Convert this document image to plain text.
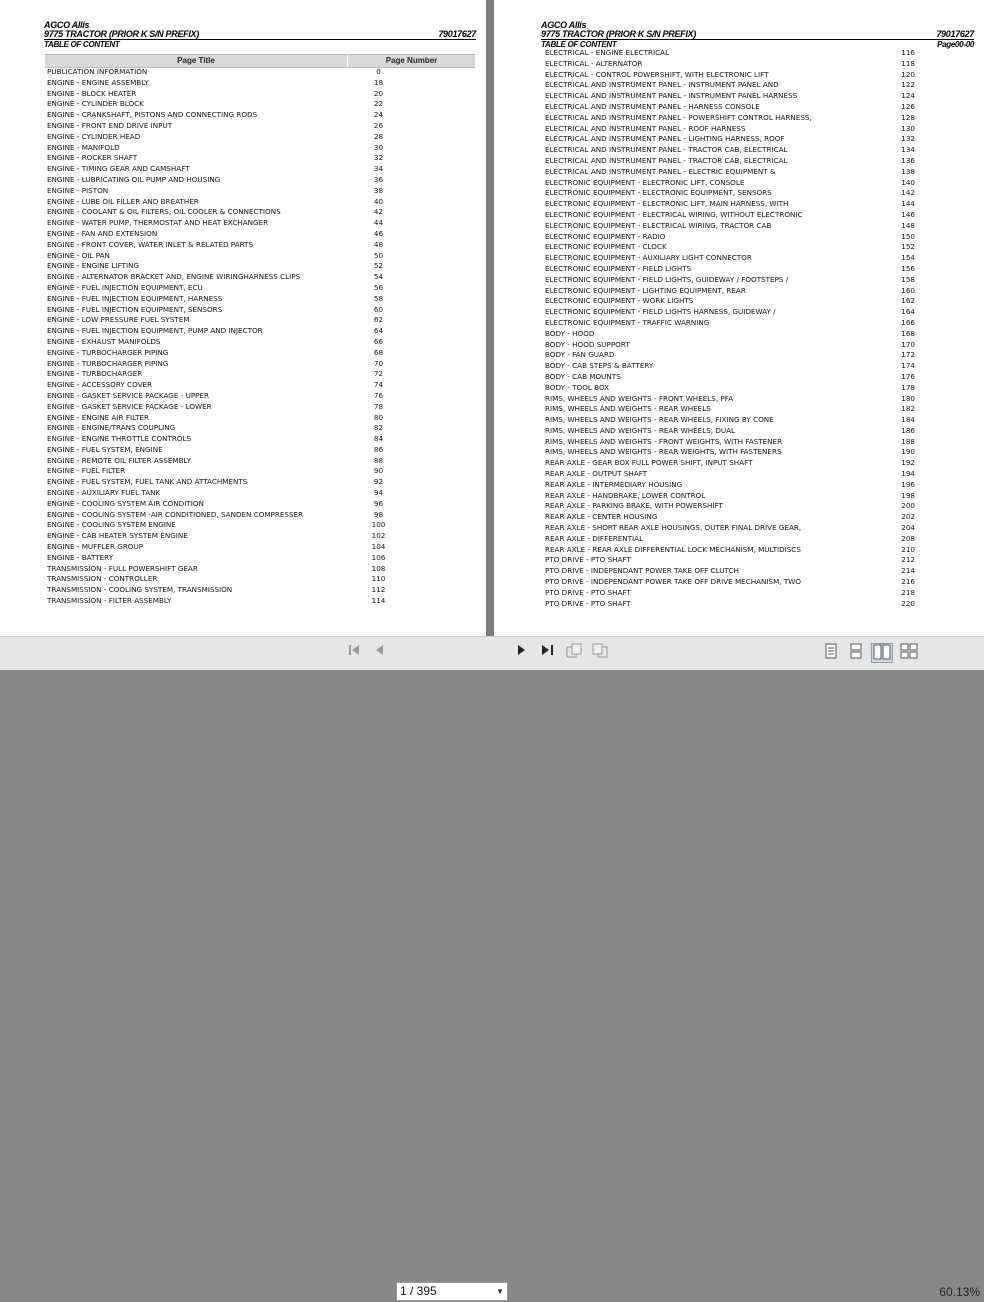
AGCO Allis
9775 TRACTOR (PRIOR K S/N PREFIX)	79017627
TABLE OF CONTENT
Page Title	Page Number
PUBLICATION INFORMATION	0
ENGINE - ENGINE ASSEMBLY	18
ENGINE - BLOCK HEATER	20
ENGINE - CYLINDER BLOCK	22
ENGINE - CRANKSHAFT, PISTONS AND CONNECTING RODS	24
ENGINE - FRONT END DRIVE INPUT	26
ENGINE - CYLINDER HEAD	28
ENGINE - MANIFOLD	30
ENGINE - ROCKER SHAFT	32
ENGINE - TIMING GEAR AND CAMSHAFT	34
ENGINE - LUBRICATING OIL PUMP AND HOUSING	36
ENGINE - PISTON	38
ENGINE - LUBE OIL FILLER AND BREATHER	40
ENGINE - COOLANT & OIL FILTERS, OIL COOLER & CONNECTIONS	42
ENGINE - WATER PUMP, THERMOSTAT AND HEAT EXCHANGER	44
ENGINE - FAN AND EXTENSION	46
ENGINE - FRONT COVER, WATER INLET & RELATED PARTS	48
ENGINE - OIL PAN	50
ENGINE - ENGINE LIFTING	52
ENGINE - ALTERNATOR BRACKET AND, ENGINE WIRINGHARNESS CLIPS	54
ENGINE - FUEL INJECTION EQUIPMENT, ECU	56
ENGINE - FUEL INJECTION EQUIPMENT, HARNESS	58
ENGINE - FUEL INJECTION EQUIPMENT, SENSORS	60
ENGINE - LOW PRESSURE FUEL SYSTEM	62
ENGINE - FUEL INJECTION EQUIPMENT, PUMP AND INJECTOR	64
ENGINE - EXHAUST MANIFOLDS	66
ENGINE - TURBOCHARGER PIPING	68
ENGINE - TURBOCHARGER PIPING	70
ENGINE - TURBOCHARGER	72
ENGINE - ACCESSORY COVER	74
ENGINE - GASKET SERVICE PACKAGE - UPPER	76
ENGINE - GASKET SERVICE PACKAGE - LOWER	78
ENGINE - ENGINE AIR FILTER	80
ENGINE - ENGINE/TRANS COUPLING	82
ENGINE - ENGINE THROTTLE CONTROLS	84
ENGINE - FUEL SYSTEM, ENGINE	86
ENGINE - REMOTE OIL FILTER ASSEMBLY	88
ENGINE - FUEL FILTER	90
ENGINE - FUEL SYSTEM, FUEL TANK AND ATTACHMENTS	92
ENGINE - AUXILIARY FUEL TANK	94
ENGINE - COOLING SYSTEM AIR CONDITION	96
ENGINE - COOLING SYSTEM -AIR CONDITIONED, SANDEN COMPRESSER	98
ENGINE - COOLING SYSTEM ENGINE	100
ENGINE - CAB HEATER SYSTEM ENGINE	102
ENGINE - MUFFLER GROUP	104
ENGINE - BATTERY	106
TRANSMISSION - FULL POWERSHIFT GEAR	108
TRANSMISSION - CONTROLLER	110
TRANSMISSION - COOLING SYSTEM, TRANSMISSION	112
TRANSMISSION - FILTER ASSEMBLY	114
AGCO Allis
9775 TRACTOR (PRIOR K S/N PREFIX)	79017627
TABLE OF CONTENT	Page00-00
ELECTRICAL - ENGINE ELECTRICAL	116
ELECTRICAL - ALTERNATOR	118
ELECTRICAL - CONTROL POWERSHIFT, WITH ELECTRONIC LIFT	120
ELECTRICAL AND INSTRUMENT PANEL - INSTRUMENT PANEL AND	122
ELECTRICAL AND INSTRUMENT PANEL - INSTRUMENT PANEL HARNESS	124
ELECTRICAL AND INSTRUMENT PANEL - HARNESS CONSOLE	126
ELECTRICAL AND INSTRUMENT PANEL - POWERSHIFT CONTROL HARNESS,	128
ELECTRICAL AND INSTRUMENT PANEL - ROOF HARNESS	130
ELECTRICAL AND INSTRUMENT PANEL - LIGHTING HARNESS, ROOF	132
ELECTRICAL AND INSTRUMENT PANEL - TRACTOR CAB, ELECTRICAL	134
ELECTRICAL AND INSTRUMENT PANEL - TRACTOR CAB, ELECTRICAL	136
ELECTRICAL AND INSTRUMENT PANEL - ELECTRIC EQUIPMENT &	138
ELECTRONIC EQUIPMENT - ELECTRONIC LIFT, CONSOLE	140
ELECTRONIC EQUIPMENT - ELECTRONIC EQUIPMENT, SENSORS	142
ELECTRONIC EQUIPMENT - ELECTRONIC LIFT, MAIN HARNESS, WITH	144
ELECTRONIC EQUIPMENT - ELECTRICAL WIRING, WITHOUT ELECTRONIC	146
ELECTRONIC EQUIPMENT - ELECTRICAL WIRING, TRACTOR CAB	148
ELECTRONIC EQUIPMENT - RADIO	150
ELECTRONIC EQUIPMENT - CLOCK	152
ELECTRONIC EQUIPMENT - AUXILIARY LIGHT CONNECTOR	154
ELECTRONIC EQUIPMENT - FIELD LIGHTS	156
ELECTRONIC EQUIPMENT - FIELD LIGHTS, GUIDEWAY / FOOTSTEPS /	158
ELECTRONIC EQUIPMENT - LIGHTING EQUIPMENT, REAR	160
ELECTRONIC EQUIPMENT - WORK LIGHTS	162
ELECTRONIC EQUIPMENT - FIELD LIGHTS HARNESS, GUIDEWAY /	164
ELECTRONIC EQUIPMENT - TRAFFIC WARNING	166
BODY - HOOD	168
BODY - HOOD SUPPORT	170
BODY - FAN GUARD	172
BODY - CAB STEPS & BATTERY	174
BODY - CAB MOUNTS	176
BODY - TOOL BOX	178
RIMS, WHEELS AND WEIGHTS - FRONT WHEELS, PFA	180
RIMS, WHEELS AND WEIGHTS - REAR WHEELS	182
RIMS, WHEELS AND WEIGHTS - REAR WHEELS, FIXING BY CONE	184
RIMS, WHEELS AND WEIGHTS - REAR WHEELS, DUAL	186
RIMS, WHEELS AND WEIGHTS - FRONT WEIGHTS, WITH FASTENER	188
RIMS, WHEELS AND WEIGHTS - REAR WEIGHTS, WITH FASTENERS	190
REAR AXLE - GEAR BOX FULL POWER SHIFT, INPUT SHAFT	192
REAR AXLE - OUTPUT SHAFT	194
REAR AXLE - INTERMEDIARY HOUSING	196
REAR AXLE - HANDBRAKE, LOWER CONTROL	198
REAR AXLE - PARKING BRAKE, WITH POWERSHIFT	200
REAR AXLE - CENTER HOUSING	202
REAR AXLE - SHORT REAR AXLE HOUSINGS, OUTER FINAL DRIVE GEAR,	204
REAR AXLE - DIFFERENTIAL	208
REAR AXLE - REAR AXLE DIFFERENTIAL LOCK MECHANISM, MULTIDISCS	210
PTO DRIVE - PTO SHAFT	212
PTO DRIVE - INDEPENDANT POWER TAKE OFF CLUTCH	214
PTO DRIVE - INDEPENDANT POWER TAKE OFF DRIVE MECHANISM, TWO	216
PTO DRIVE - PTO SHAFT	218
PTO DRIVE - PTO SHAFT	220
1 / 395	▼	60.13%
